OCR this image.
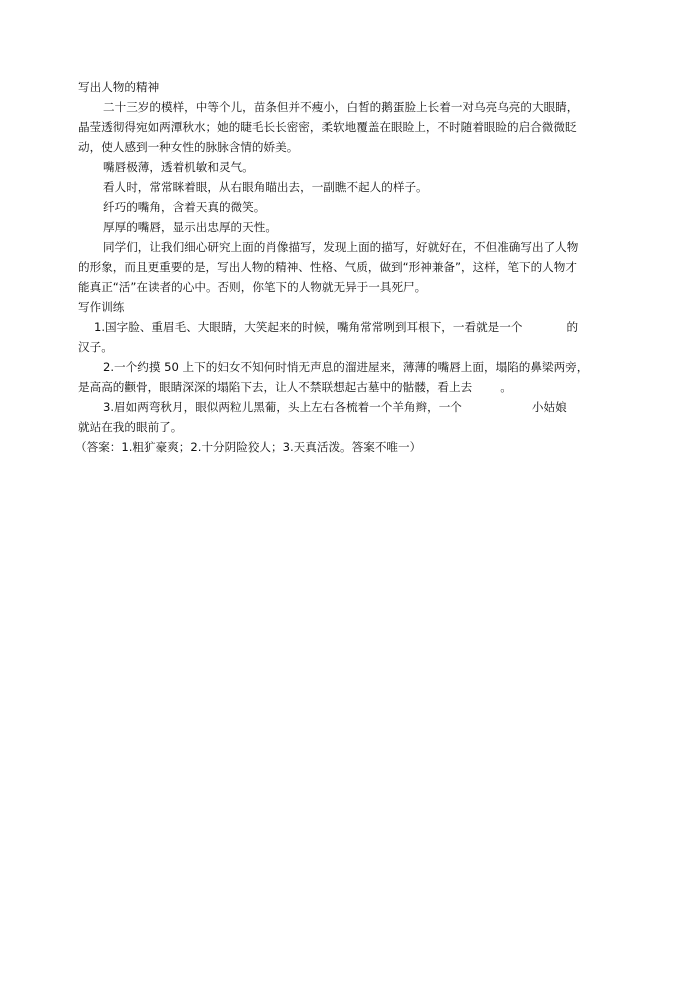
写出人物的精神
二十三岁的模样，中等个儿，苗条但并不瘦小，白皙的鹅蛋脸上长着一对乌亮乌亮的大眼睛，
晶莹透彻得宛如两潭秋水；她的睫毛长长密密，柔软地覆盖在眼睑上，不时随着眼睑的启合微微眨
动，使人感到一种女性的脉脉含情的娇美。
嘴唇极薄，透着机敏和灵气。
看人时，常常眯着眼，从右眼角瞄出去，一副瞧不起人的样子。
纤巧的嘴角，含着天真的微笑。
厚厚的嘴唇，显示出忠厚的天性。
同学们，让我们细心研究上面的肖像描写，发现上面的描写，好就好在，不但准确写出了人物
的形象，而且更重要的是，写出人物的精神、性格、气质，做到“形神兼备”，这样，笔下的人物才
能真正“活”在读者的心中。否则，你笔下的人物就无异于一具死尸。
写作训练
1.国字脸、重眉毛、大眼睛，大笑起来的时候，嘴角常常咧到耳根下，一看就是一个	的
汉子。
2.一个约摸 50 上下的妇女不知何时悄无声息的溜进屋来，薄薄的嘴唇上面，塌陷的鼻梁两旁，
是高高的颧骨，眼睛深深的塌陷下去，让人不禁联想起古墓中的骷髅，看上去 。
3.眉如两弯秋月，眼似两粒儿黑葡，头上左右各梳着一个羊角辫，一个	小姑娘
就站在我的眼前了。
（答案：1.粗犷豪爽；2.十分阴险狡人；3.天真活泼。答案不唯一）
